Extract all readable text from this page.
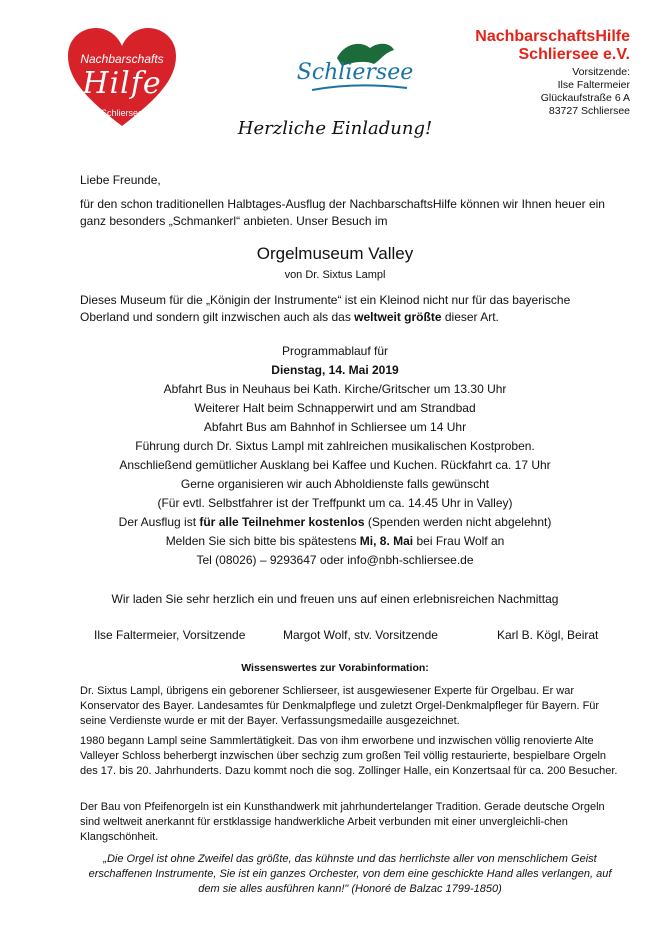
Nachbarschafts
Hilfe
Schliersee
Schliersee
NachbarschaftsHilfe
Schliersee e.V.
Vorsitzende:
Ilse Faltermeier
Glückaufstraße 6 A
83727 Schliersee
Herzliche Einladung!
Liebe Freunde,
für den schon traditionellen Halbtages-Ausflug der NachbarschaftsHilfe können wir Ihnen heuer ein ganz besonders „Schmankerl“ anbieten. Unser Besuch im
Orgelmuseum Valley
von Dr. Sixtus Lampl
Dieses Museum für die „Königin der Instrumente“ ist ein Kleinod nicht nur für das bayerische Oberland und sondern gilt inzwischen auch als das weltweit größte dieser Art.
Programmablauf für
Dienstag, 14. Mai 2019
Abfahrt Bus in Neuhaus bei Kath. Kirche/Gritscher um 13.30 Uhr
Weiterer Halt beim Schnapperwirt und am Strandbad
Abfahrt Bus am Bahnhof in Schliersee um 14 Uhr
Führung durch Dr. Sixtus Lampl mit zahlreichen musikalischen Kostproben.
Anschließend gemütlicher Ausklang bei Kaffee und Kuchen. Rückfahrt ca. 17 Uhr
Gerne organisieren wir auch Abholdienste falls gewünscht
(Für evtl. Selbstfahrer ist der Treffpunkt um ca. 14.45 Uhr in Valley)
Der Ausflug ist für alle Teilnehmer kostenlos (Spenden werden nicht abgelehnt)
Melden Sie sich bitte bis spätestens Mi, 8. Mai bei Frau Wolf an
Tel (08026) – 9293647 oder info@nbh-schliersee.de
Wir laden Sie sehr herzlich ein und freuen uns auf einen erlebnisreichen Nachmittag
Ilse Faltermeier, Vorsitzende	Margot Wolf, stv. Vorsitzende	Karl B. Kögl, Beirat
Wissenswertes zur Vorabinformation:
Dr. Sixtus Lampl, übrigens ein geborener Schlierseer, ist ausgewiesener Experte für Orgelbau. Er war Konservator des Bayer. Landesamtes für Denkmalpflege und zuletzt Orgel-Denkmalpfleger für Bayern. Für seine Verdienste wurde er mit der Bayer. Verfassungsmedaille ausgezeichnet.
1980 begann Lampl seine Sammlertätigkeit. Das von ihm erworbene und inzwischen völlig renovierte Alte Valleyer Schloss beherbergt inzwischen über sechzig zum großen Teil völlig restaurierte, bespielbare Orgeln des 17. bis 20. Jahrhunderts. Dazu kommt noch die sog. Zollinger Halle, ein Konzertsaal für ca. 200 Besucher.
Der Bau von Pfeifenorgeln ist ein Kunsthandwerk mit jahrhundertelanger Tradition. Gerade deutsche Orgeln sind weltweit anerkannt für erstklassige handwerkliche Arbeit verbunden mit einer unvergleichli-chen Klangschönheit.
„Die Orgel ist ohne Zweifel das größte, das kühnste und das herrlichste aller von menschlichem Geist erschaffenen Instrumente, Sie ist ein ganzes Orchester, von dem eine geschickte Hand alles verlangen, auf dem sie alles ausführen kann!" (Honoré de Balzac 1799-1850)
